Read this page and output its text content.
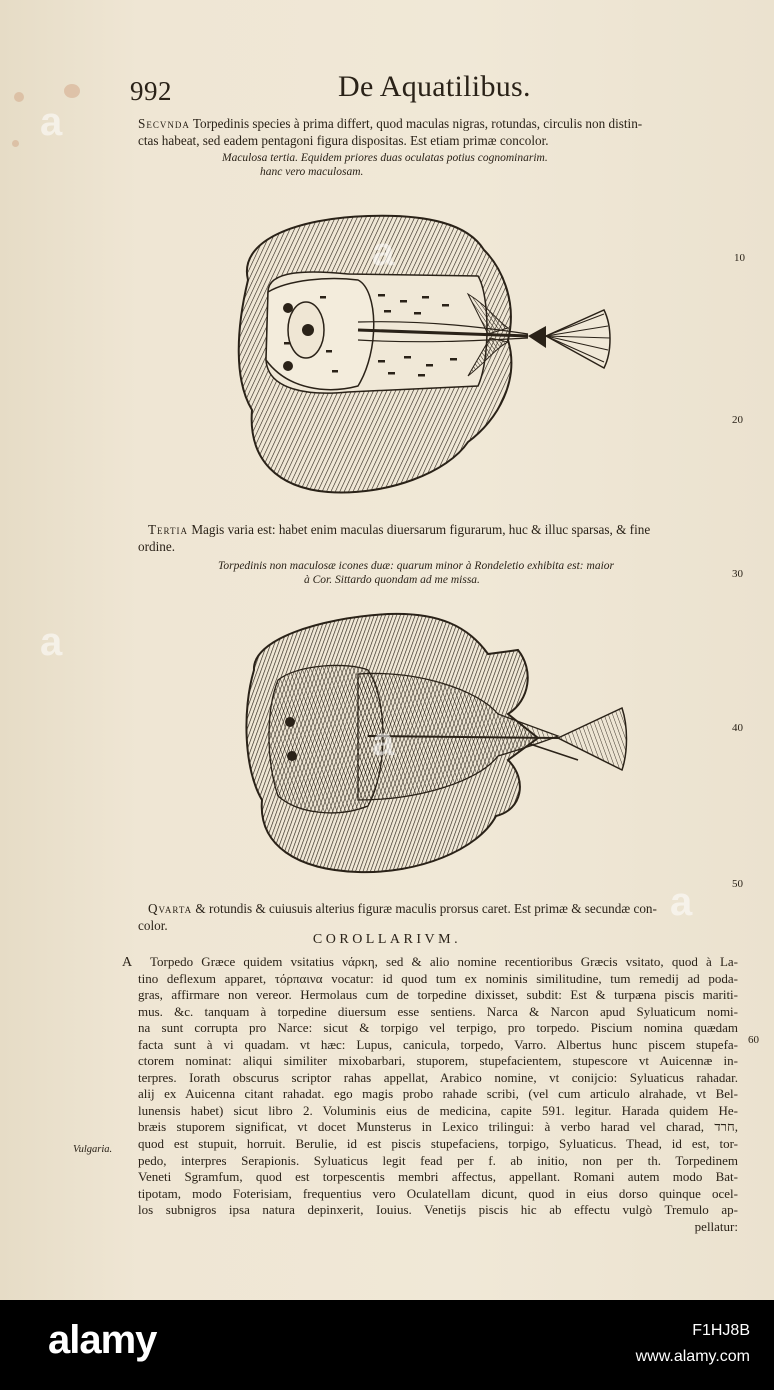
992	De Aquatilibus.
Secvnda Torpedinis species à prima differt, quod maculas nigras, rotundas, circulis non distin-
ctas habeat, sed eadem pentagoni figura dispositas. Est etiam primæ concolor.
Maculosa tertia. Equidem priores duas oculatas potius cognominarim.
hanc vero maculosam.
Tertia Magis varia est: habet enim maculas diuersarum figurarum, huc & illuc sparsas, & fine
ordine.
Torpedinis non maculosæ icones duæ: quarum minor à Rondeletio exhibita est: maior
à Cor. Sittardo quondam ad me missa.
Qvarta & rotundis & cuiusuis alterius figuræ maculis prorsus caret. Est primæ & secundæ con-
color.
COROLLARIVM.
A
Vulgaria.
Torpedo Græce quidem vsitatius νάρκη, sed & alio nomine recentioribus Græcis vsitato, quod à La-
tino deflexum apparet, τόρπαινα vocatur: id quod tum ex nominis similitudine, tum remedij ad poda-
gras, affirmare non vereor. Hermolaus cum de torpedine dixisset, subdit: Est & turpæna piscis mariti-
mus. &c. tanquam à torpedine diuersum esse sentiens. Narca & Narcon apud Syluaticum nomi-
na sunt corrupta pro Narce: sicut & torpigo vel terpigo, pro torpedo. Piscium nomina quædam
facta sunt à vi quadam. vt hæc: Lupus, canicula, torpedo, Varro. Albertus hunc piscem stupefa-
ctorem nominat: aliqui similiter mixobarbari, stuporem, stupefacientem, stupescore vt Auicennæ in-
terpres. Iorath obscurus scriptor rahas appellat, Arabico nomine, vt conijcio: Syluaticus rahadar.
alij ex Auicenna citant rahadat. ego magis probo rahade scribi, (vel cum articulo alrahade, vt Bel-
lunensis habet) sicut libro 2. Voluminis eius de medicina, capite 591. legitur. Harada quidem He-
bræis stuporem significat, vt docet Munsterus in Lexico trilingui: à verbo harad vel charad, חרד,
quod est stupuit, horruit. Berulie, id est piscis stupefaciens, torpigo, Syluaticus. Thead, id est, tor-
pedo, interpres Serapionis. Syluaticus legit fead per f. ab initio, non per th. Torpedinem
Veneti Sgramfum, quod est torpescentis membri affectus, appellant. Romani autem modo Bat-
tipotam, modo Foterisiam, frequentius vero Oculatellam dicunt, quod in eius dorso quinque ocel-
los subnigros ipsa natura depinxerit, Iouius. Venetijs piscis hic ab effectu vulgò Tremulo ap-
pellatur:
10
20
30
40
50
60
a
a
a
a
a
alamy	F1HJ8B
www.alamy.com
